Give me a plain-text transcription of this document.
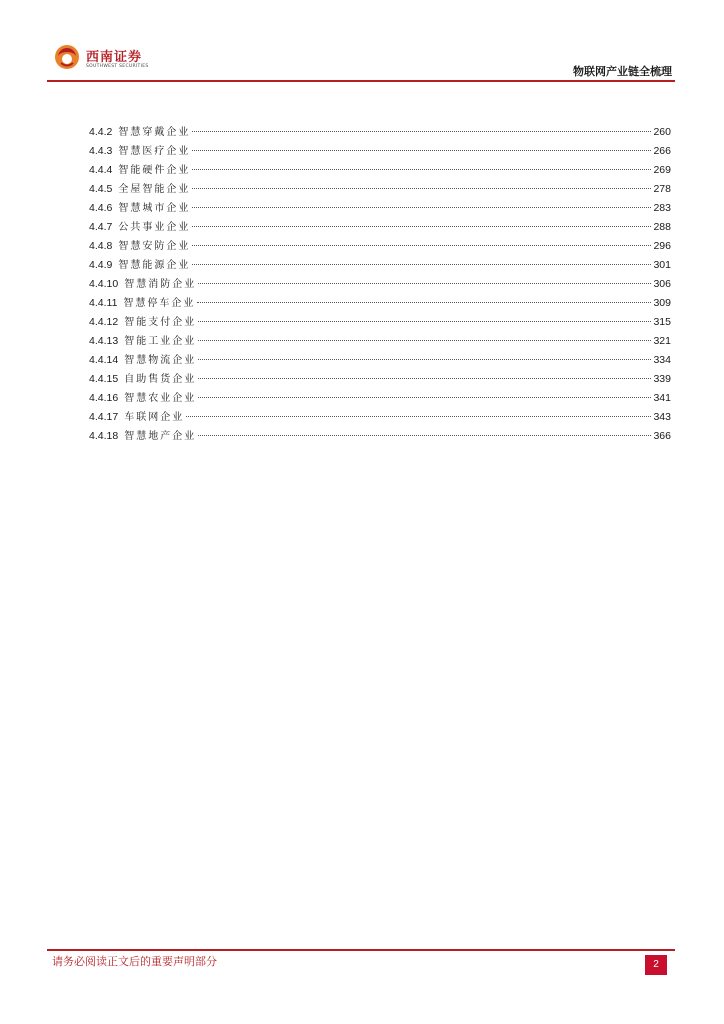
西南证券
SOUTHWEST SECURITIES	物联网产业链全梳理
4.4.2 智慧穿戴企业	260
4.4.3 智慧医疗企业	266
4.4.4 智能硬件企业	269
4.4.5 全屋智能企业	278
4.4.6 智慧城市企业	283
4.4.7 公共事业企业	288
4.4.8 智慧安防企业	296
4.4.9 智慧能源企业	301
4.4.10 智慧消防企业	306
4.4.11 智慧停车企业	309
4.4.12 智能支付企业	315
4.4.13 智能工业企业	321
4.4.14 智慧物流企业	334
4.4.15 自助售货企业	339
4.4.16 智慧农业企业	341
4.4.17 车联网企业	343
4.4.18 智慧地产企业	366
请务必阅读正文后的重要声明部分	2
